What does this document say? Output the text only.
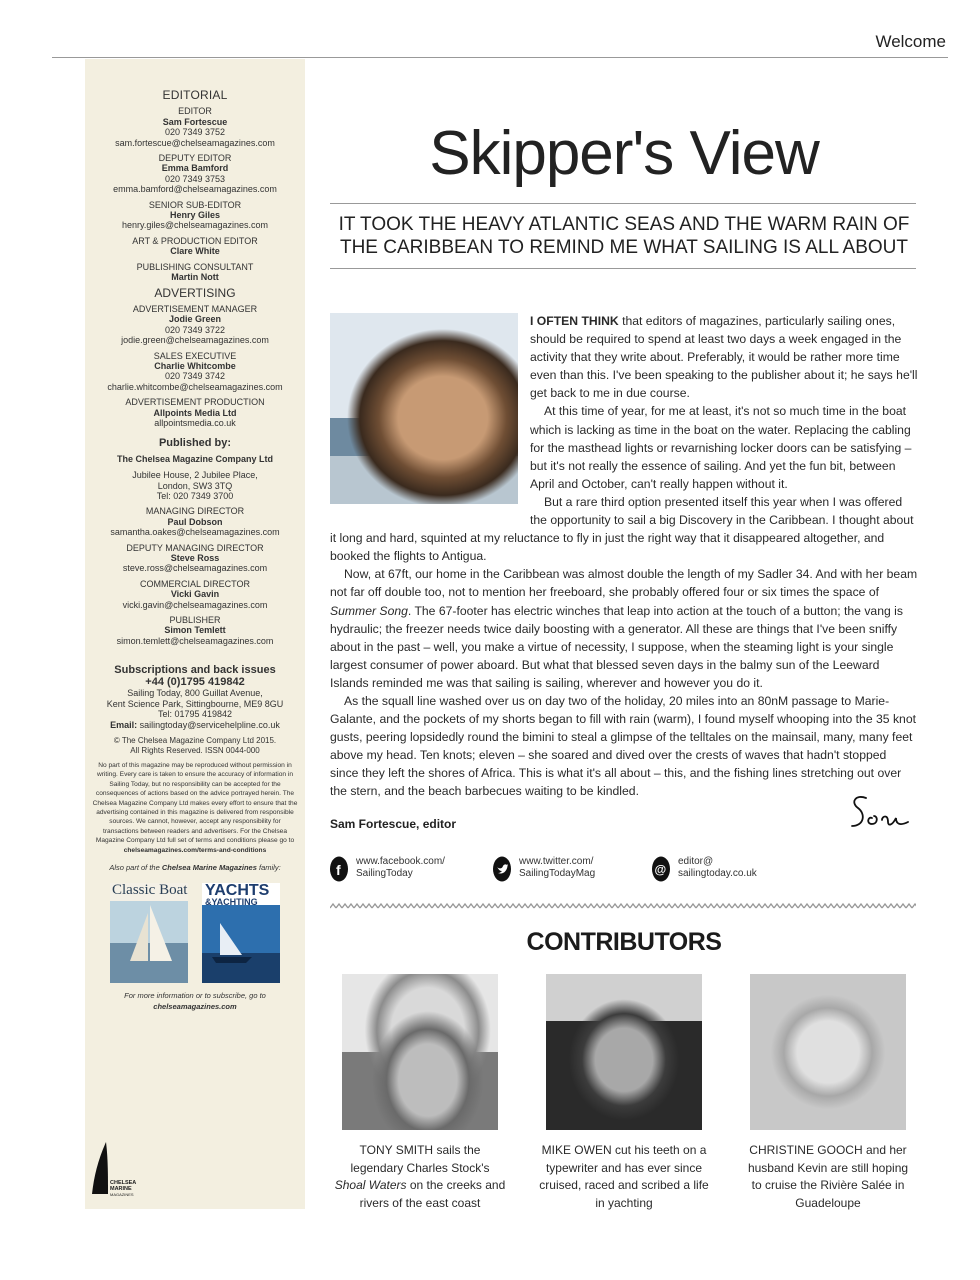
Welcome
EDITORIAL
EDITOR
Sam Fortescue
020 7349 3752
sam.fortescue@chelseamagazines.com
DEPUTY EDITOR
Emma Bamford
020 7349 3753
emma.bamford@chelseamagazines.com
SENIOR SUB-EDITOR
Henry Giles
henry.giles@chelseamagazines.com
ART & PRODUCTION EDITOR
Clare White
PUBLISHING CONSULTANT
Martin Nott
ADVERTISING
ADVERTISEMENT MANAGER
Jodie Green
020 7349 3722
jodie.green@chelseamagazines.com
SALES EXECUTIVE
Charlie Whitcombe
020 7349 3742
charlie.whitcombe@chelseamagazines.com
ADVERTISEMENT PRODUCTION
Allpoints Media Ltd
allpointsmedia.co.uk
Published by:
The Chelsea Magazine Company Ltd
Jubilee House, 2 Jubilee Place,
London, SW3 3TQ
Tel: 020 7349 3700
MANAGING DIRECTOR
Paul Dobson
samantha.oakes@chelseamagazines.com
DEPUTY MANAGING DIRECTOR
Steve Ross
steve.ross@chelseamagazines.com
COMMERCIAL DIRECTOR
Vicki Gavin
vicki.gavin@chelseamagazines.com
PUBLISHER
Simon Temlett
simon.temlett@chelseamagazines.com
Subscriptions and back issues
+44 (0)1795 419842
Sailing Today, 800 Guillat Avenue,
Kent Science Park, Sittingbourne, ME9 8GU
Tel: 01795 419842
Email: sailingtoday@servicehelpline.co.uk
© The Chelsea Magazine Company Ltd 2015.
All Rights Reserved. ISSN 0044-000
No part of this magazine may be reproduced without permission in writing. Every care is taken to ensure the accuracy of information in Sailing Today, but no responsibility can be accepted for the consequences of actions based on the advice portrayed herein. The Chelsea Magazine Company Ltd makes every effort to ensure that the advertising contained in this magazine is delivered from responsible sources. We cannot, however, accept any responsibility for transactions between readers and advertisers. For the Chelsea Magazine Company Ltd full set of terms and conditions please go to chelseamagazines.com/terms-and-conditions
Also part of the Chelsea Marine Magazines family:
Classic Boat YACHTS
&YACHTING
For more information or to subscribe, go to
chelseamagazines.com
CHELSEA
MARINE
MAGAZINES
Skipper's View
IT TOOK THE HEAVY ATLANTIC SEAS AND THE WARM RAIN OF THE CARIBBEAN TO REMIND ME WHAT SAILING IS ALL ABOUT

I OFTEN THINK that editors of magazines, particularly sailing ones, should be required to spend at least two days a week engaged in the activity that they write about. Preferably, it would be rather more time even than this. I've been speaking to the publisher about it; he says he'll get back to me in due course.

At this time of year, for me at least, it's not so much time in the boat which is lacking as time in the boat on the water. Replacing the cabling for the masthead lights or revarnishing locker doors can be satisfying – but it's not really the essence of sailing. And yet the fun bit, between April and October, can't really happen without it.

But a rare third option presented itself this year when I was offered the opportunity to sail a big Discovery in the Caribbean. I thought about it long and hard, squinted at my reluctance to fly in just the right way that it disappeared altogether, and booked the flights to Antigua.

Now, at 67ft, our home in the Caribbean was almost double the length of my Sadler 34. And with her beam not far off double too, not to mention her freeboard, she probably offered four or six times the space of Summer Song. The 67-footer has electric winches that leap into action at the touch of a button; the vang is hydraulic; the freezer needs twice daily boosting with a generator. All these are things that I've been sniffy about in the past – well, you make a virtue of necessity, I suppose, when the steaming light is your single largest consumer of power aboard. But what that blessed seven days in the balmy sun of the Leeward Islands reminded me was that sailing is sailing, wherever and however you do it.

As the squall line washed over us on day two of the holiday, 20 miles into an 80nM passage to Marie-Galante, and the pockets of my shorts began to fill with rain (warm), I found myself whooping into the 35 knot gusts, peering lopsidedly round the bimini to steal a glimpse of the telltales on the mainsail, many, many feet above my head. Ten knots; eleven – she soared and dived over the crests of waves that hadn't stopped since they left the shores of Africa. This is what it's all about – this, and the fishing lines stretching out over the stern, and the beach barbecues waiting to be kindled.

Sam Fortescue, editor
f
www.facebook.com/
SailingToday
www.twitter.com/
SailingTodayMag	@
editor@
sailingtoday.co.uk
CONTRIBUTORS
TONY SMITH sails the legendary Charles Stock's Shoal Waters on the creeks and rivers of the east coast
MIKE OWEN cut his teeth on a typewriter and has ever since cruised, raced and scribed a life in yachting
CHRISTINE GOOCH and her husband Kevin are still hoping to cruise the Rivière Salée in Guadeloupe
